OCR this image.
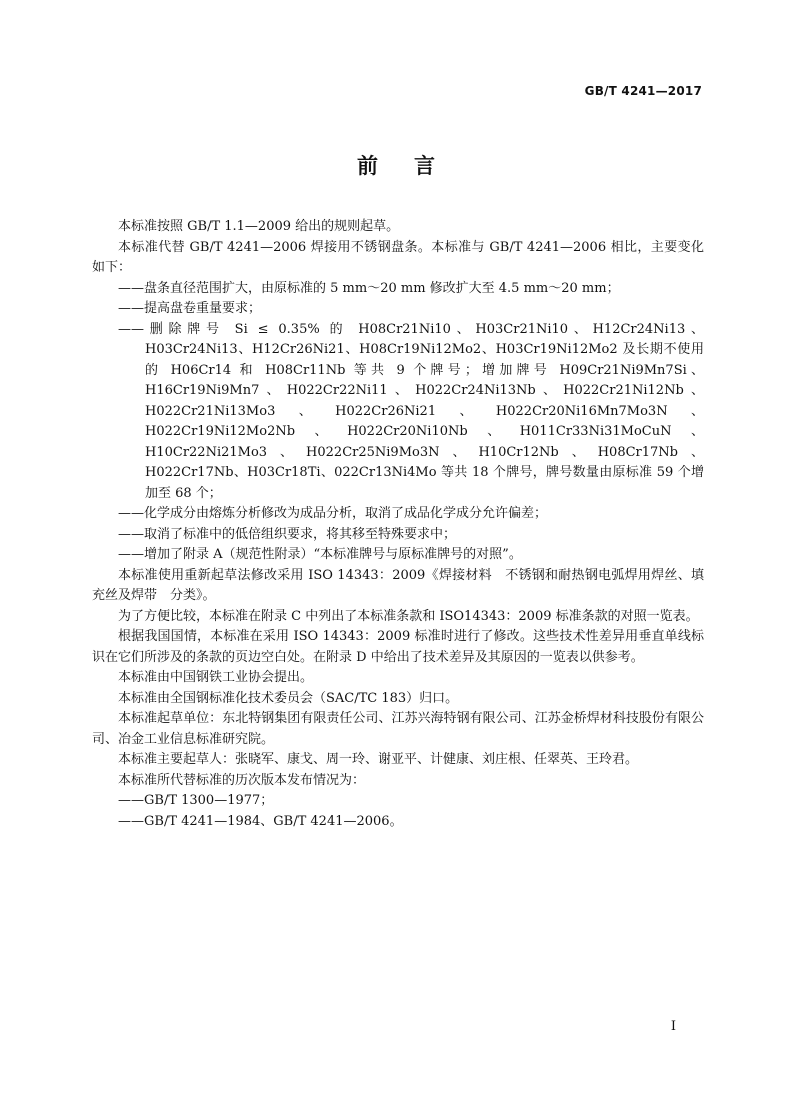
GB/T 4241—2017
前言

本标准按照 GB/T 1.1—2009 给出的规则起草。

本标准代替 GB/T 4241—2006 焊接用不锈钢盘条。本标准与 GB/T 4241—2006 相比，主要变化如下：

——盘条直径范围扩大，由原标准的 5 mm～20 mm 修改扩大至 4.5 mm～20 mm；

——提高盘卷重量要求；

——删除牌号 Si ≤ 0.35% 的 H08Cr21Ni10、H03Cr21Ni10、H12Cr24Ni13、H03Cr24Ni13、H12Cr26Ni21、H08Cr19Ni12Mo2、H03Cr19Ni12Mo2 及长期不使用的 H06Cr14 和 H08Cr11Nb 等共 9 个牌号；增加牌号 H09Cr21Ni9Mn7Si、H16Cr19Ni9Mn7、H022Cr22Ni11、H022Cr24Ni13Nb、H022Cr21Ni12Nb、H022Cr21Ni13Mo3、H022Cr26Ni21、H022Cr20Ni16Mn7Mo3N、H022Cr19Ni12Mo2Nb、H022Cr20Ni10Nb、H011Cr33Ni31MoCuN、H10Cr22Ni21Mo3、H022Cr25Ni9Mo3N、H10Cr12Nb、H08Cr17Nb、H022Cr17Nb、H03Cr18Ti、022Cr13Ni4Mo 等共 18 个牌号，牌号数量由原标准 59 个增加至 68 个；

——化学成分由熔炼分析修改为成品分析，取消了成品化学成分允许偏差；

——取消了标准中的低倍组织要求，将其移至特殊要求中；

——增加了附录 A（规范性附录）“本标准牌号与原标准牌号的对照”。

本标准使用重新起草法修改采用 ISO 14343：2009《焊接材料　不锈钢和耐热钢电弧焊用焊丝、填充丝及焊带　分类》。

为了方便比较，本标准在附录 C 中列出了本标准条款和 ISO14343：2009 标准条款的对照一览表。

根据我国国情，本标准在采用 ISO 14343：2009 标准时进行了修改。这些技术性差异用垂直单线标识在它们所涉及的条款的页边空白处。在附录 D 中给出了技术差异及其原因的一览表以供参考。

本标准由中国钢铁工业协会提出。

本标准由全国钢标准化技术委员会（SAC/TC 183）归口。

本标准起草单位：东北特钢集团有限责任公司、江苏兴海特钢有限公司、江苏金桥焊材科技股份有限公司、冶金工业信息标准研究院。

本标准主要起草人：张晓军、康戈、周一玲、谢亚平、计健康、刘庄根、任翠英、王玲君。

本标准所代替标准的历次版本发布情况为：

——GB/T 1300—1977；

——GB/T 4241—1984、GB/T 4241—2006。

I
